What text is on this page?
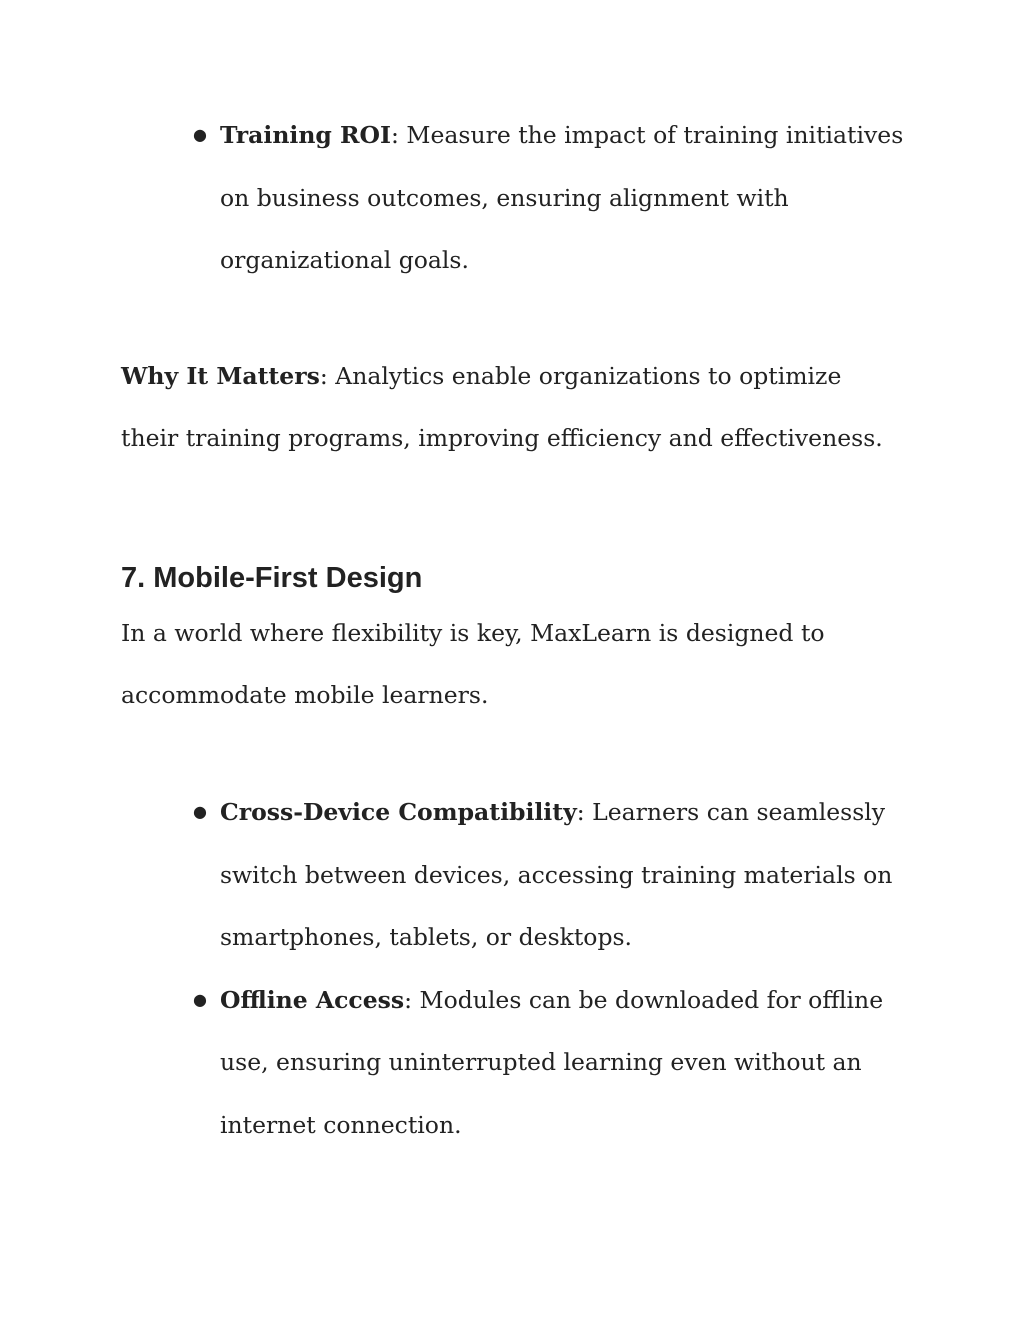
● Training ROI: Measure the impact of training initiatives on business outcomes, ensuring alignment with organizational goals.

Why It Matters: Analytics enable organizations to optimize their training programs, improving efficiency and effectiveness.

7. Mobile-First Design

In a world where flexibility is key, MaxLearn is designed to accommodate mobile learners.

● Cross-Device Compatibility: Learners can seamlessly switch between devices, accessing training materials on smartphones, tablets, or desktops.

● Offline Access: Modules can be downloaded for offline use, ensuring uninterrupted learning even without an internet connection.
